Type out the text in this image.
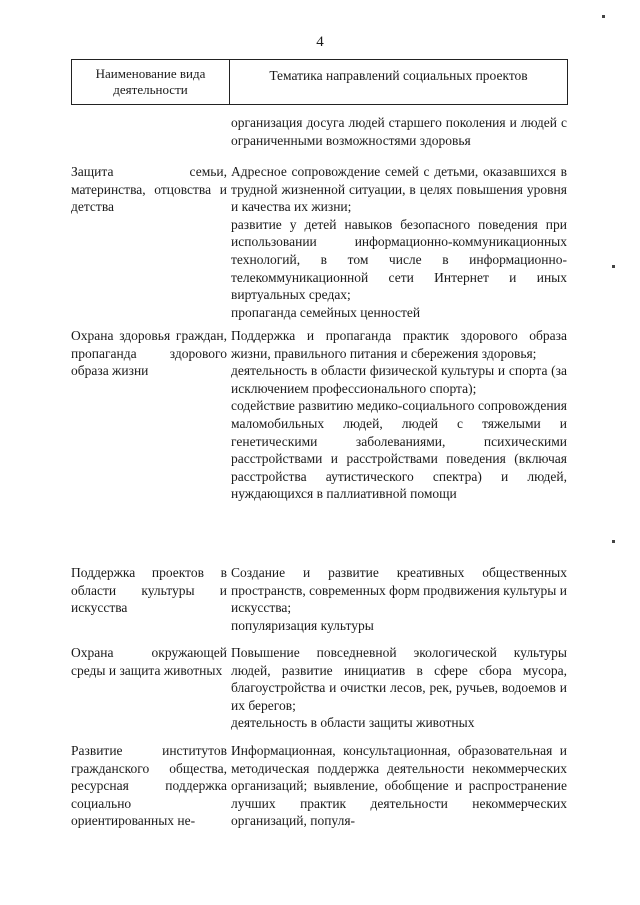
4
Наименование вида деятельности
Тематика направлений социальных проектов

организация досуга людей старшего поколения и людей с ограниченными возможностями здоровья

Защита семьи, материнства, отцовства и детства

Адресное сопровождение семей с детьми, оказавшихся в трудной жизненной ситуации, в целях повышения уровня и качества их жизни;

развитие у детей навыков безопасного поведения при использовании информационно-коммуникационных технологий, в том числе в информационно-телекоммуникационной сети Интернет и иных виртуальных средах;

пропаганда семейных ценностей

Охрана здоровья граждан, пропаганда здорового образа жизни

Поддержка и пропаганда практик здорового образа жизни, правильного питания и сбережения здоровья;

деятельность в области физической культуры и спорта (за исключением профессионального спорта);

содействие развитию медико-социального сопровождения маломобильных людей, людей с тяжелыми и генетическими заболеваниями, психическими расстройствами и расстройствами поведения (включая расстройства аутистического спектра) и людей, нуждающихся в паллиативной помощи

Поддержка проектов в области культуры и искусства

Создание и развитие креативных общественных пространств, современных форм продвижения культуры и искусства;

популяризация культуры

Охрана окружающей среды и защита животных

Повышение повседневной экологической культуры людей, развитие инициатив в сфере сбора мусора, благоустройства и очистки лесов, рек, ручьев, водоемов и их берегов;

деятельность в области защиты животных

Развитие институтов гражданского общества, ресурсная поддержка социально ориентированных не-

Информационная, консультационная, образовательная и методическая поддержка деятельности некоммерческих организаций; выявление, обобщение и распространение лучших практик деятельности некоммерческих организаций, популя-
